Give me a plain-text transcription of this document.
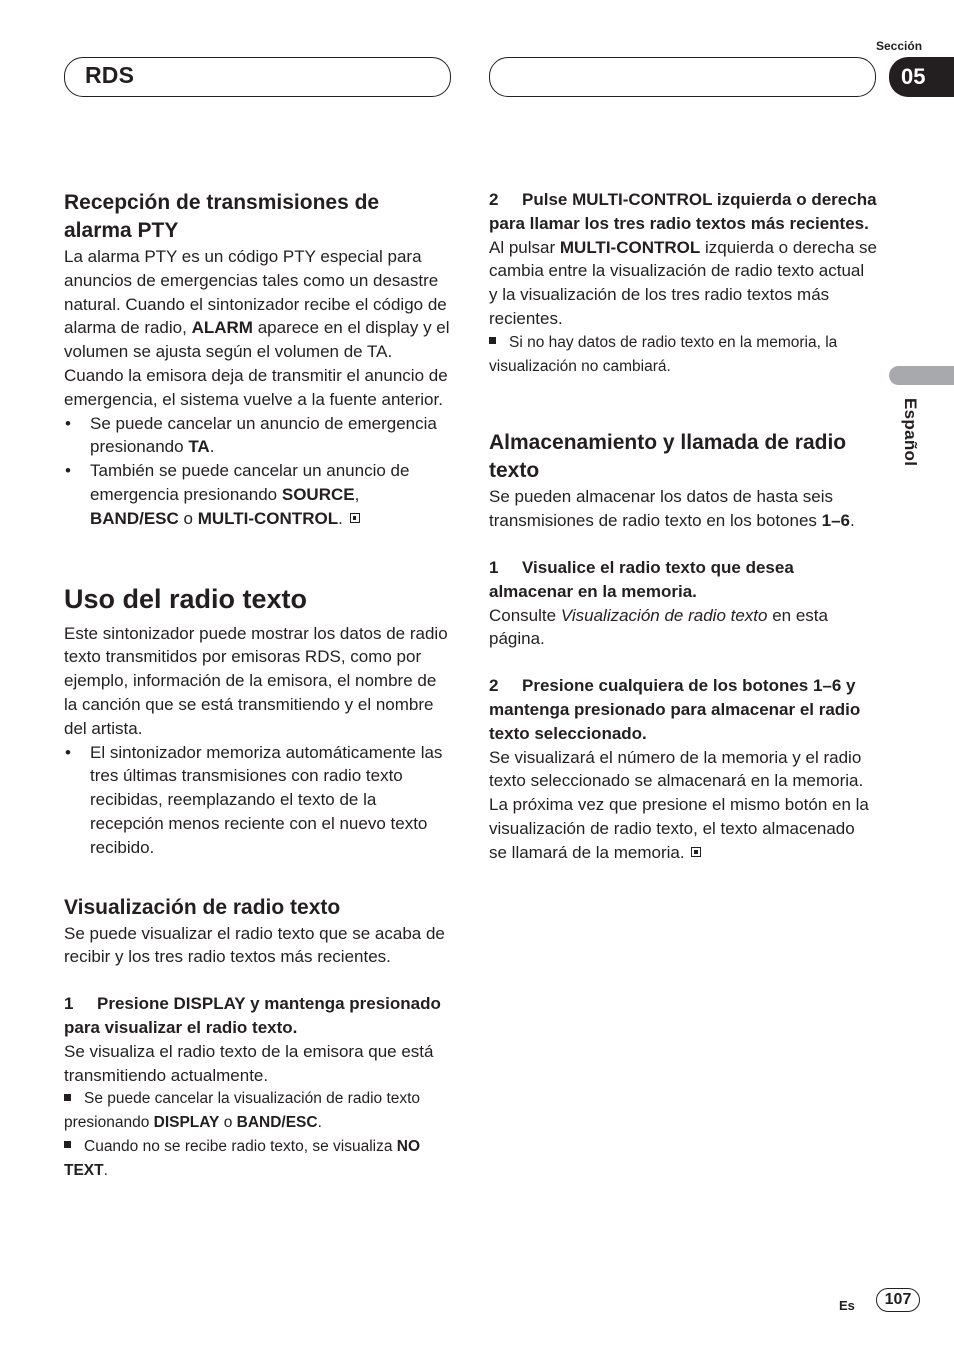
RDS
Sección
05
Español
Recepción de transmisiones de alarma PTY

La alarma PTY es un código PTY especial para anuncios de emergencias tales como un desastre natural. Cuando el sintonizador recibe el código de alarma de radio, ALARM aparece en el display y el volumen se ajusta según el volumen de TA. Cuando la emisora deja de transmitir el anuncio de emergencia, el sistema vuelve a la fuente anterior.

• Se puede cancelar un anuncio de emergencia presionando TA.
• También se puede cancelar un anuncio de emergencia presionando SOURCE, BAND/ESC o MULTI-CONTROL.
Uso del radio texto

Este sintonizador puede mostrar los datos de radio texto transmitidos por emisoras RDS, como por ejemplo, información de la emisora, el nombre de la canción que se está transmitiendo y el nombre del artista.

• El sintonizador memoriza automáticamente las tres últimas transmisiones con radio texto recibidas, reemplazando el texto de la recepción menos reciente con el nuevo texto recibido.
Visualización de radio texto

Se puede visualizar el radio texto que se acaba de recibir y los tres radio textos más recientes.

1 Presione DISPLAY y mantenga presionado para visualizar el radio texto.

Se visualiza el radio texto de la emisora que está transmitiendo actualmente.

Se puede cancelar la visualización de radio texto presionando DISPLAY o BAND/ESC.

Cuando no se recibe radio texto, se visualiza NO TEXT.

2 Pulse MULTI-CONTROL izquierda o derecha para llamar los tres radio textos más recientes.

Al pulsar MULTI-CONTROL izquierda o derecha se cambia entre la visualización de radio texto actual y la visualización de los tres radio textos más recientes.

Si no hay datos de radio texto en la memoria, la visualización no cambiará.

Almacenamiento y llamada de radio texto

Se pueden almacenar los datos de hasta seis transmisiones de radio texto en los botones 1–6.

1 Visualice el radio texto que desea almacenar en la memoria.

Consulte Visualización de radio texto en esta página.

2 Presione cualquiera de los botones 1–6 y mantenga presionado para almacenar el radio texto seleccionado.

Se visualizará el número de la memoria y el radio texto seleccionado se almacenará en la memoria.

La próxima vez que presione el mismo botón en la visualización de radio texto, el texto almacenado se llamará de la memoria.

Es	107
